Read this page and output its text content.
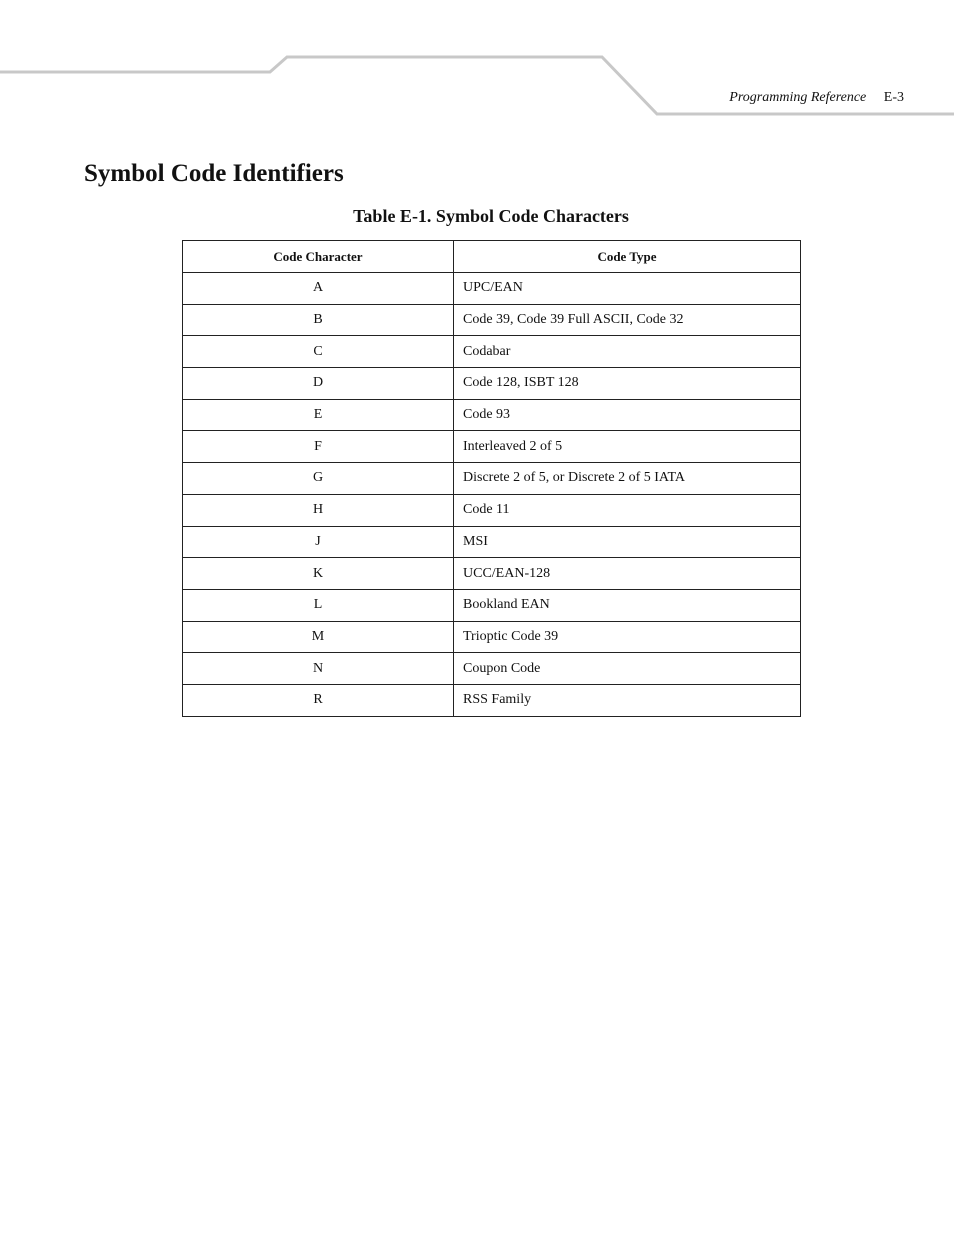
Programming Reference E-3
Symbol Code Identifiers
Table E-1. Symbol Code Characters
Code Character	Code Type
A	UPC/EAN
B	Code 39, Code 39 Full ASCII, Code 32
C	Codabar
D	Code 128, ISBT 128
E	Code 93
F	Interleaved 2 of 5
G	Discrete 2 of 5, or Discrete 2 of 5 IATA
H	Code 11
J	MSI
K	UCC/EAN-128
L	Bookland EAN
M	Trioptic Code 39
N	Coupon Code
R	RSS Family
